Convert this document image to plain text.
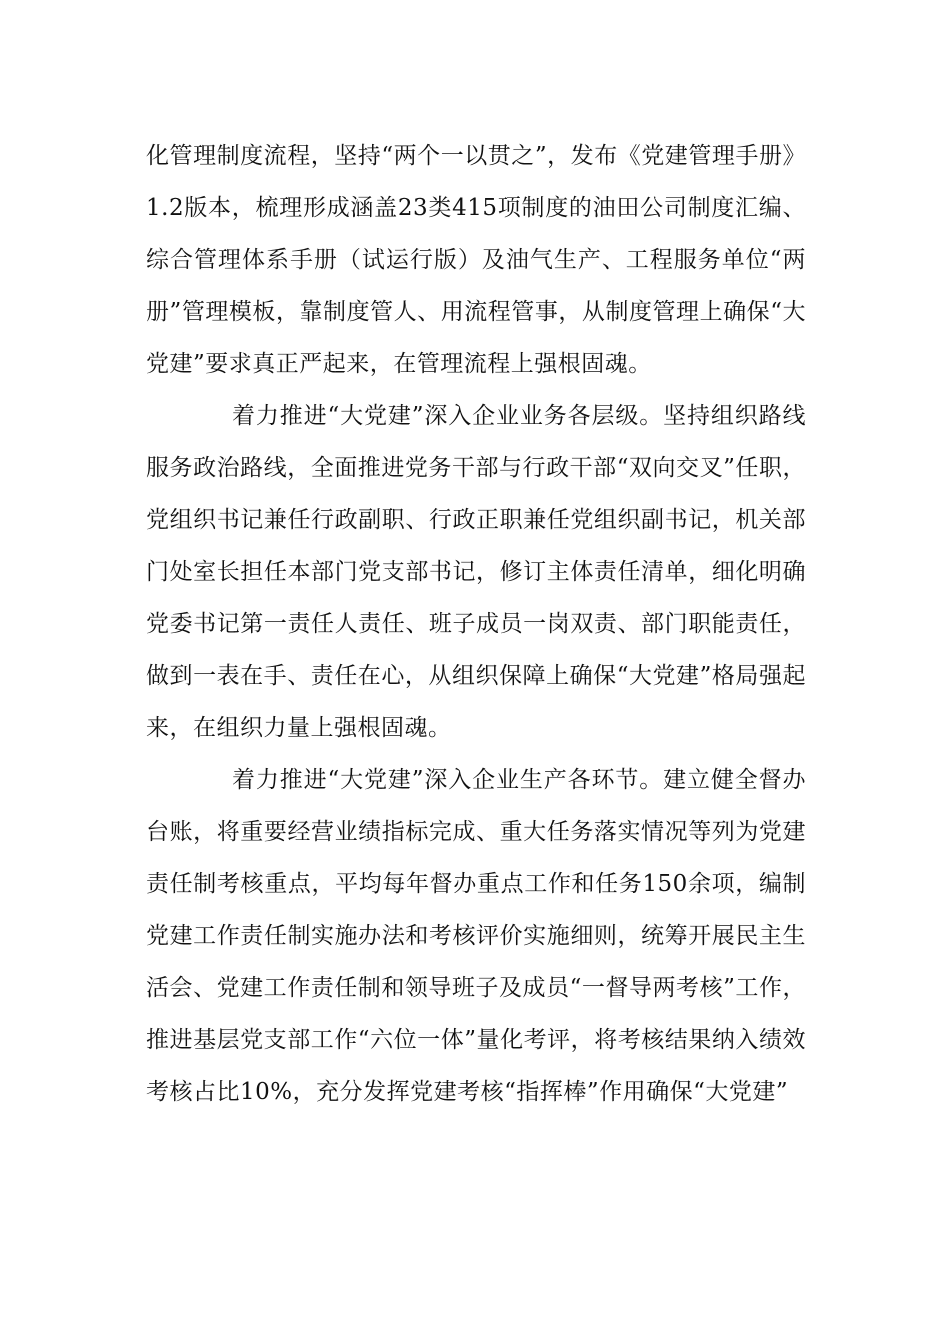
化管理制度流程，坚持“两个一以贯之”，发布《党建管理手册》1.2版本，梳理形成涵盖23类415项制度的油田公司制度汇编、综合管理体系手册（试运行版）及油气生产、工程服务单位“两册”管理模板，靠制度管人、用流程管事，从制度管理上确保“大党建”要求真正严起来，在管理流程上强根固魂。

着力推进“大党建”深入企业业务各层级。坚持组织路线服务政治路线，全面推进党务干部与行政干部“双向交叉”任职，党组织书记兼任行政副职、行政正职兼任党组织副书记，机关部门处室长担任本部门党支部书记，修订主体责任清单，细化明确党委书记第一责任人责任、班子成员一岗双责、部门职能责任，做到一表在手、责任在心，从组织保障上确保“大党建”格局强起来，在组织力量上强根固魂。

着力推进“大党建”深入企业生产各环节。建立健全督办台账，将重要经营业绩指标完成、重大任务落实情况等列为党建责任制考核重点，平均每年督办重点工作和任务150余项，编制党建工作责任制实施办法和考核评价实施细则，统筹开展民主生活会、党建工作责任制和领导班子及成员“一督导两考核”工作，推进基层党支部工作“六位一体”量化考评，将考核结果纳入绩效考核占比10%，充分发挥党建考核“指挥棒”作用确保“大党建”
